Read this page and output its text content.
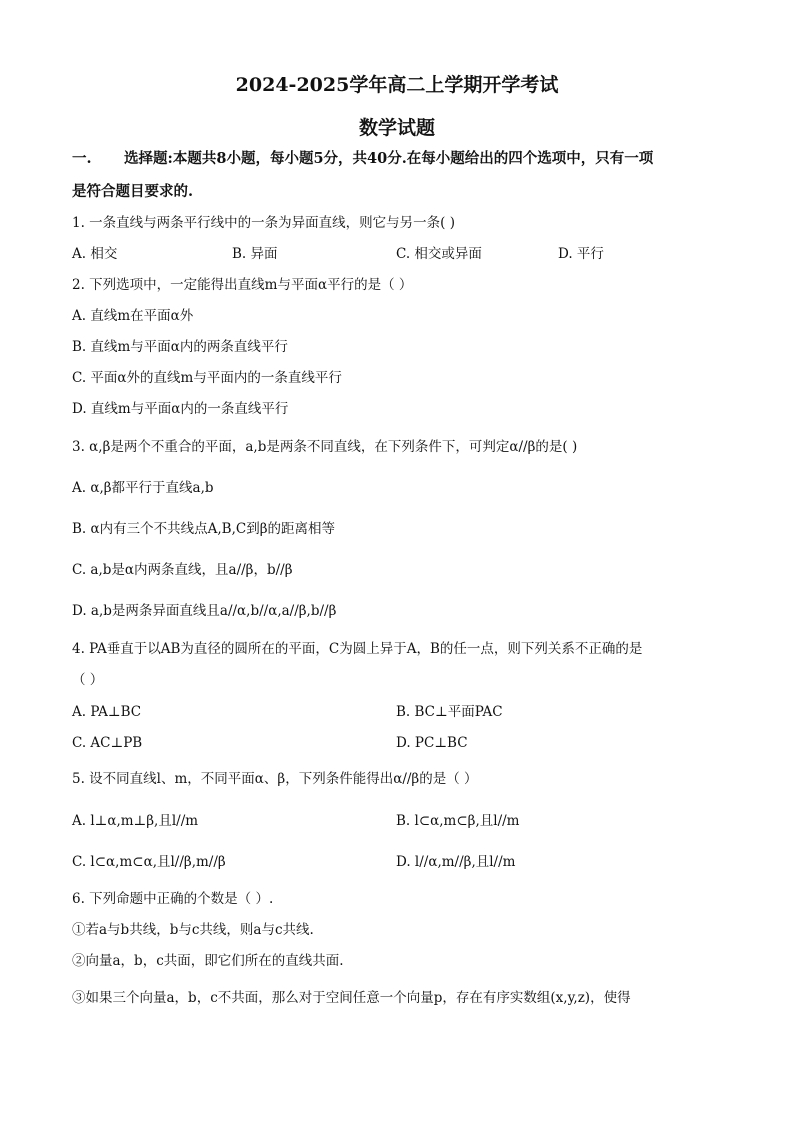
2024-2025学年高二上学期开学考试
数学试题
一. 选择题:本题共8小题，每小题5分，共40分.在每小题给出的四个选项中，只有一项
是符合题目要求的.
1. 一条直线与两条平行线中的一条为异面直线，则它与另一条( )
A. 相交	B. 异面	C. 相交或异面	D. 平行
2. 下列选项中，一定能得出直线m与平面α平行的是（ ）
A. 直线m在平面α外
B. 直线m与平面α内的两条直线平行
C. 平面α外的直线m与平面内的一条直线平行
D. 直线m与平面α内的一条直线平行
3. α,β是两个不重合的平面，a,b是两条不同直线，在下列条件下，可判定α//β的是( )
A. α,β都平行于直线a,b
B. α内有三个不共线点A,B,C到β的距离相等
C. a,b是α内两条直线，且a//β，b//β
D. a,b是两条异面直线且a//α,b//α,a//β,b//β
4. PA垂直于以AB为直径的圆所在的平面，C为圆上异于A，B的任一点，则下列关系不正确的是
（ ）
A. PA⊥BC	B. BC⊥平面PAC
C. AC⊥PB	D. PC⊥BC
5. 设不同直线l、m，不同平面α、β，下列条件能得出α//β的是（ ）
A. l⊥α,m⊥β,且l//m	B. l⊂α,m⊂β,且l//m
C. l⊂α,m⊂α,且l//β,m//β	D. l//α,m//β,且l//m
6. 下列命题中正确的个数是（ ）.
①若a与b共线，b与c共线，则a与c共线.
②向量a，b，c共面，即它们所在的直线共面.
③如果三个向量a，b，c不共面，那么对于空间任意一个向量p，存在有序实数组(x,y,z)，使得
